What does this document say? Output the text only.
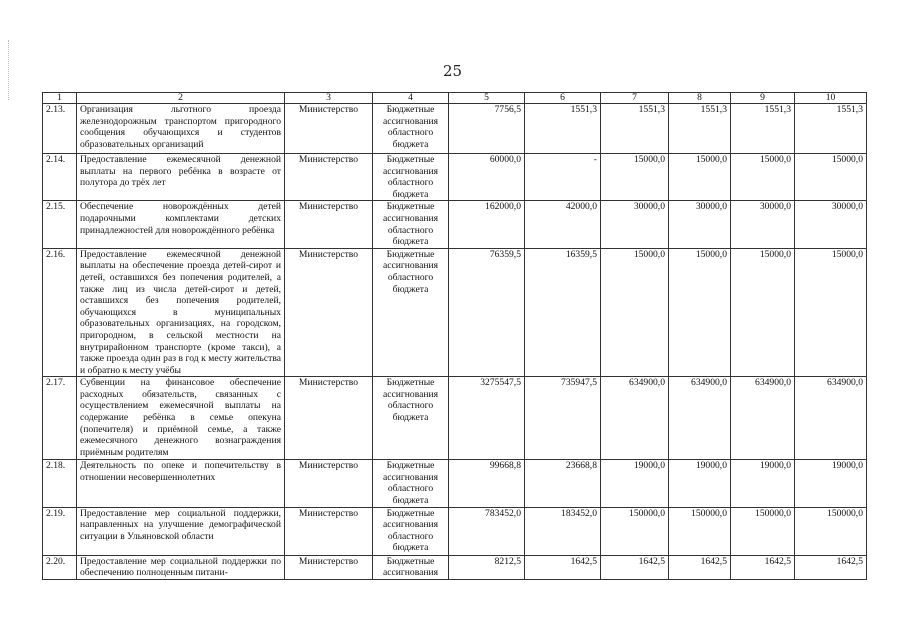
25
1	2	3	4	5	6	7	8	9	10
2.13.	Организация льготного проезда железнодорожным транспортом пригородного сообщения обучающихся и студентов образовательных организаций	Министерство	Бюджетные ассигнования областного бюджета	7756,5	1551,3	1551,3	1551,3	1551,3	1551,3
2.14.	Предоставление ежемесячной денежной выплаты на первого ребёнка в возрасте от полутора до трёх лет	Министерство	Бюджетные ассигнования областного бюджета	60000,0	-	15000,0	15000,0	15000,0	15000,0
2.15.	Обеспечение новорождённых детей подарочными комплектами детских принадлежностей для новорождённого ребёнка	Министерство	Бюджетные ассигнования областного бюджета	162000,0	42000,0	30000,0	30000,0	30000,0	30000,0
2.16.	Предоставление ежемесячной денежной выплаты на обеспечение проезда детей-сирот и детей, оставшихся без попечения родителей, а также лиц из числа детей-сирот и детей, оставшихся без попечения родителей, обучающихся в муниципальных образовательных организациях, на городском, пригородном, в сельской местности на внутрирайонном транспорте (кроме такси), а также проезда один раз в год к месту жительства и обратно к месту учёбы	Министерство	Бюджетные ассигнования областного бюджета	76359,5	16359,5	15000,0	15000,0	15000,0	15000,0
2.17.	Субвенции на финансовое обеспечение расходных обязательств, связанных с осуществлением ежемесячной выплаты на содержание ребёнка в семье опекуна (попечителя) и приёмной семье, а также ежемесячного денежного вознаграждения приёмным родителям	Министерство	Бюджетные ассигнования областного бюджета	3275547,5	735947,5	634900,0	634900,0	634900,0	634900,0
2.18.	Деятельность по опеке и попечительству в отношении несовершеннолетних	Министерство	Бюджетные ассигнования областного бюджета	99668,8	23668,8	19000,0	19000,0	19000,0	19000,0
2.19.	Предоставление мер социальной поддержки, направленных на улучшение демографической ситуации в Ульяновской области	Министерство	Бюджетные ассигнования областного бюджета	783452,0	183452,0	150000,0	150000,0	150000,0	150000,0
2.20.	Предоставление мер социальной поддержки по обеспечению полноценным питани-	Министерство	Бюджетные ассигнования	8212,5	1642,5	1642,5	1642,5	1642,5	1642,5
